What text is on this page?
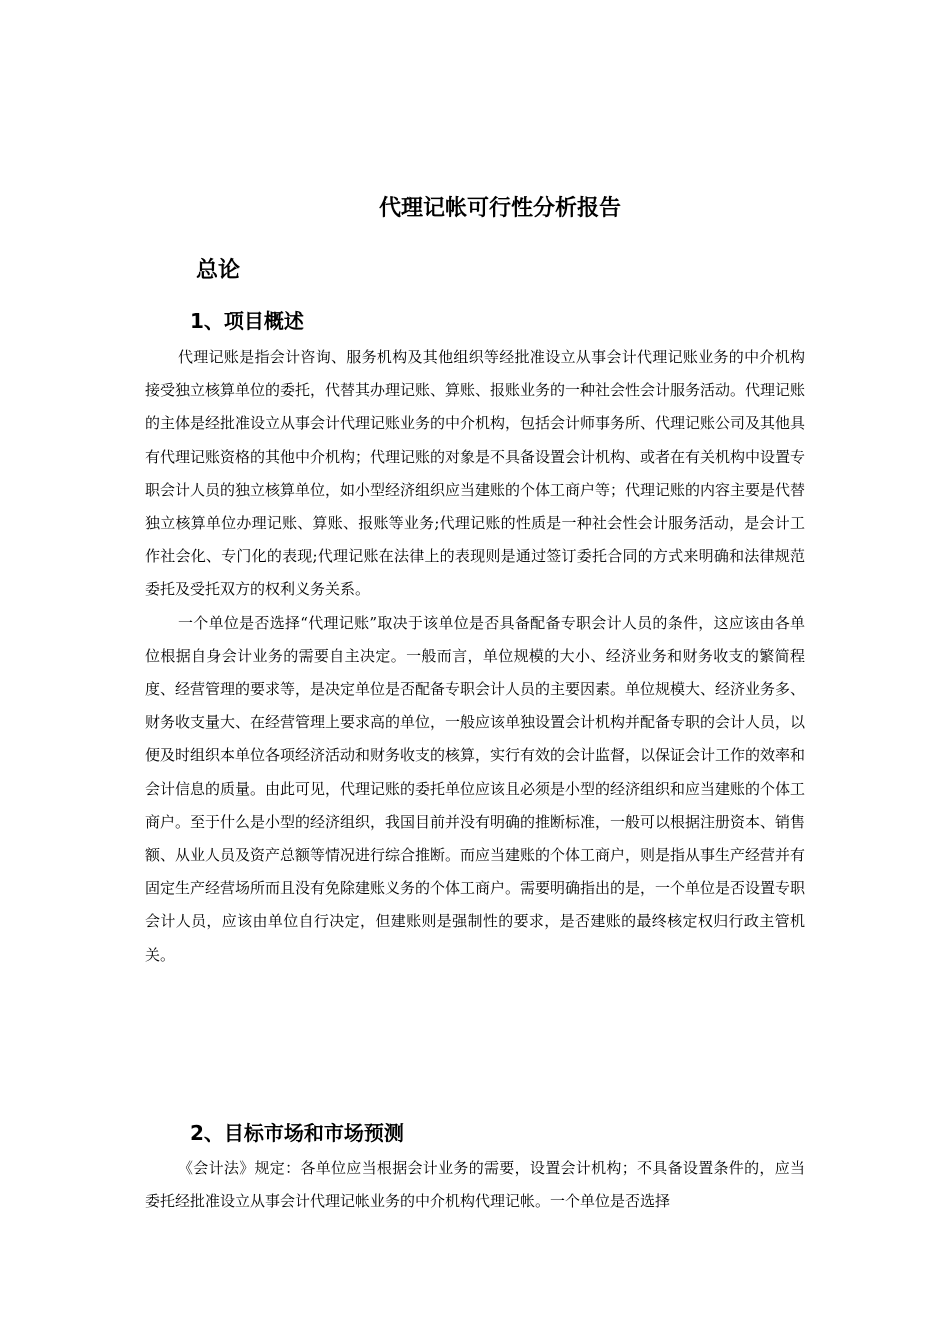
代理记帐可行性分析报告
总论
1、项目概述

代理记账是指会计咨询、服务机构及其他组织等经批准设立从事会计代理记账业务的中介机构接受独立核算单位的委托，代替其办理记账、算账、报账业务的一种社会性会计服务活动。代理记账的主体是经批准设立从事会计代理记账业务的中介机构，包括会计师事务所、代理记账公司及其他具有代理记账资格的其他中介机构；代理记账的对象是不具备设置会计机构、或者在有关机构中设置专职会计人员的独立核算单位，如小型经济组织应当建账的个体工商户等；代理记账的内容主要是代替独立核算单位办理记账、算账、报账等业务;代理记账的性质是一种社会性会计服务活动，是会计工作社会化、专门化的表现;代理记账在法律上的表现则是通过签订委托合同的方式来明确和法律规范委托及受托双方的权利义务关系。

一个单位是否选择“代理记账”取决于该单位是否具备配备专职会计人员的条件，这应该由各单位根据自身会计业务的需要自主决定。一般而言，单位规模的大小、经济业务和财务收支的繁简程度、经营管理的要求等，是决定单位是否配备专职会计人员的主要因素。单位规模大、经济业务多、财务收支量大、在经营管理上要求高的单位，一般应该单独设置会计机构并配备专职的会计人员，以便及时组织本单位各项经济活动和财务收支的核算，实行有效的会计监督，以保证会计工作的效率和会计信息的质量。由此可见，代理记账的委托单位应该且必须是小型的经济组织和应当建账的个体工商户。至于什么是小型的经济组织，我国目前并没有明确的推断标准，一般可以根据注册资本、销售额、从业人员及资产总额等情况进行综合推断。而应当建账的个体工商户，则是指从事生产经营并有固定生产经营场所而且没有免除建账义务的个体工商户。需要明确指出的是，一个单位是否设置专职会计人员，应该由单位自行决定，但建账则是强制性的要求，是否建账的最终核定权归行政主管机关。

2、目标市场和市场预测

《会计法》规定：各单位应当根据会计业务的需要，设置会计机构；不具备设置条件的，应当委托经批准设立从事会计代理记帐业务的中介机构代理记帐。一个单位是否选择
